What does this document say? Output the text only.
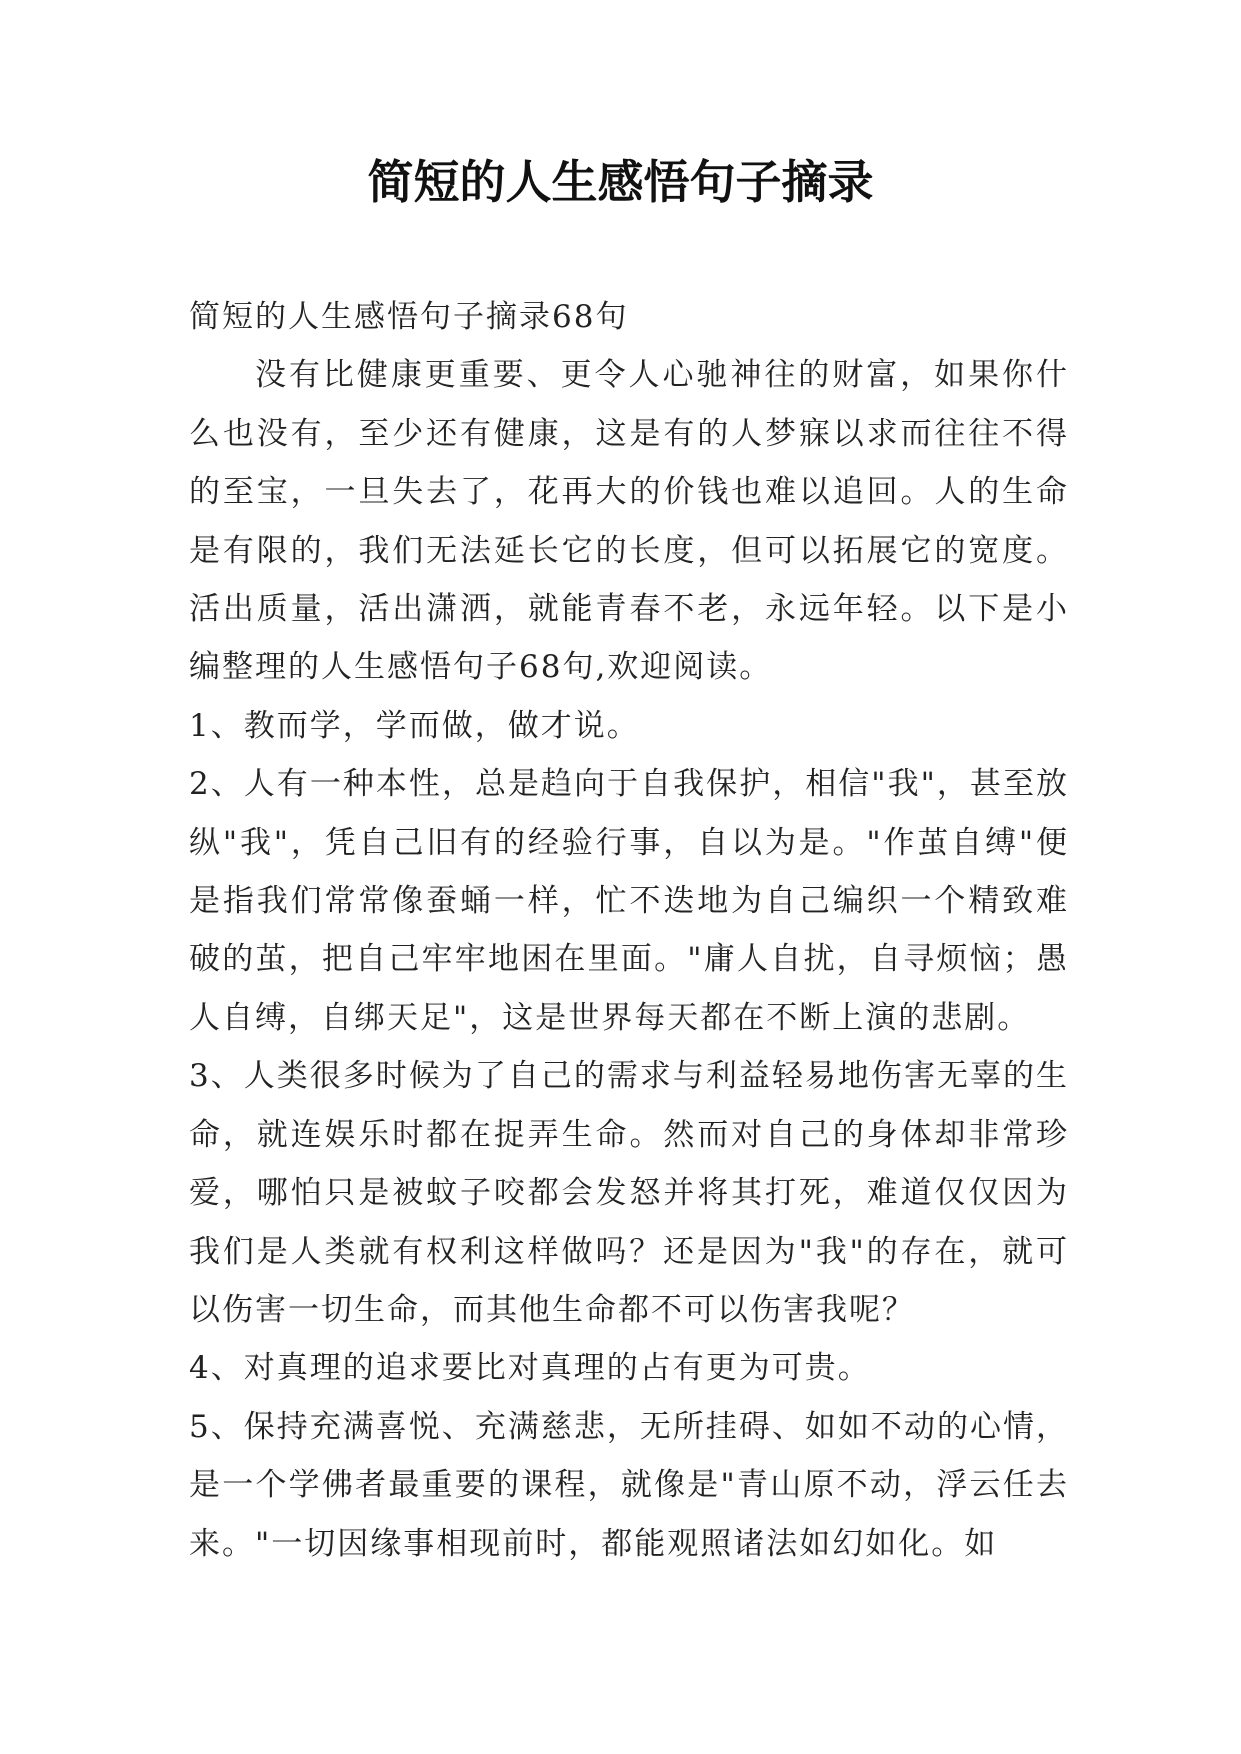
简短的人生感悟句子摘录

简短的人生感悟句子摘录68句

没有比健康更重要、更令人心驰神往的财富，如果你什么也没有，至少还有健康，这是有的人梦寐以求而往往不得的至宝，一旦失去了，花再大的价钱也难以追回。人的生命是有限的，我们无法延长它的长度，但可以拓展它的宽度。活出质量，活出潇洒，就能青春不老，永远年轻。以下是小编整理的人生感悟句子68句,欢迎阅读。

1、教而学，学而做，做才说。

2、人有一种本性，总是趋向于自我保护，相信"我"，甚至放纵"我"，凭自己旧有的经验行事，自以为是。"作茧自缚"便是指我们常常像蚕蛹一样，忙不迭地为自己编织一个精致难破的茧，把自己牢牢地困在里面。"庸人自扰，自寻烦恼；愚人自缚，自绑天足"，这是世界每天都在不断上演的悲剧。

3、人类很多时候为了自己的需求与利益轻易地伤害无辜的生命，就连娱乐时都在捉弄生命。然而对自己的身体却非常珍爱，哪怕只是被蚊子咬都会发怒并将其打死，难道仅仅因为我们是人类就有权利这样做吗？还是因为"我"的存在，就可以伤害一切生命，而其他生命都不可以伤害我呢？

4、对真理的追求要比对真理的占有更为可贵。

5、保持充满喜悦、充满慈悲，无所挂碍、如如不动的心情，是一个学佛者最重要的课程，就像是"青山原不动，浮云任去来。"一切因缘事相现前时，都能观照诸法如幻如化。如
